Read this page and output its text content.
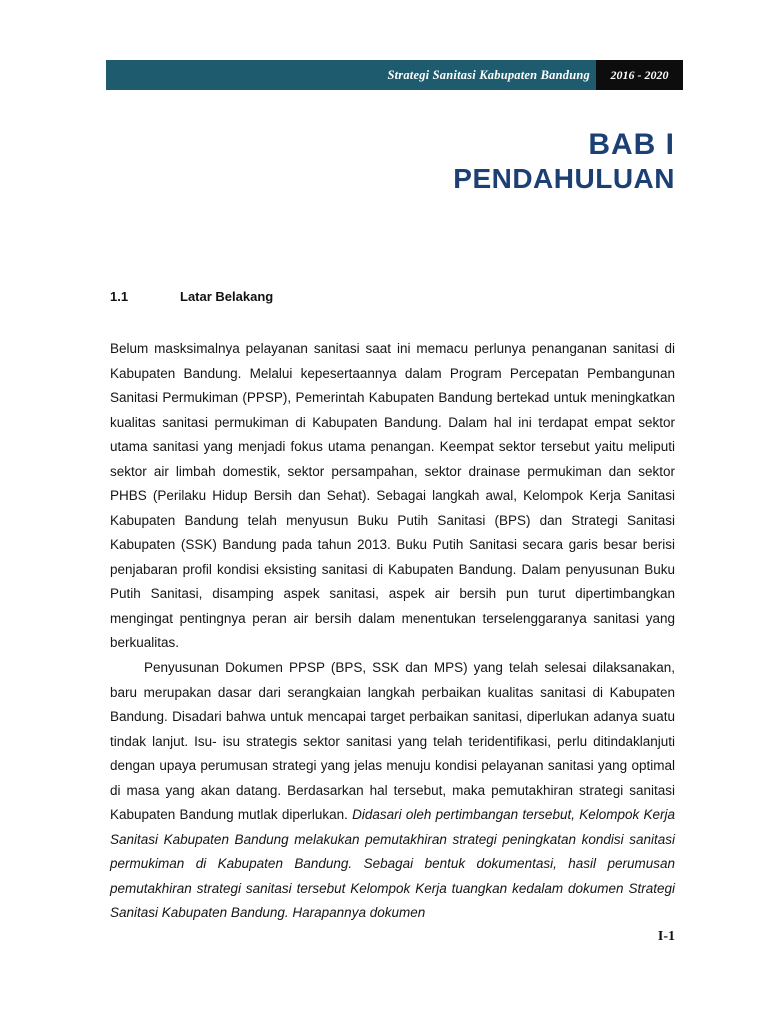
Strategi Sanitasi Kabupaten Bandung	2016 - 2020
BAB I
PENDAHULUAN
1.1	Latar Belakang

Belum masksimalnya pelayanan sanitasi saat ini memacu perlunya penanganan sanitasi di Kabupaten Bandung. Melalui kepesertaannya dalam Program Percepatan Pembangunan Sanitasi Permukiman (PPSP), Pemerintah Kabupaten Bandung bertekad untuk meningkatkan kualitas sanitasi permukiman di Kabupaten Bandung. Dalam hal ini terdapat empat sektor utama sanitasi yang menjadi fokus utama penangan. Keempat sektor tersebut yaitu meliputi sektor air limbah domestik, sektor persampahan, sektor drainase permukiman dan sektor PHBS (Perilaku Hidup Bersih dan Sehat). Sebagai langkah awal, Kelompok Kerja Sanitasi Kabupaten Bandung telah menyusun Buku Putih Sanitasi (BPS) dan Strategi Sanitasi Kabupaten (SSK) Bandung pada tahun 2013. Buku Putih Sanitasi secara garis besar berisi penjabaran profil kondisi eksisting sanitasi di Kabupaten Bandung. Dalam penyusunan Buku Putih Sanitasi, disamping aspek sanitasi, aspek air bersih pun turut dipertimbangkan mengingat pentingnya peran air bersih dalam menentukan terselenggaranya sanitasi yang berkualitas.

Penyusunan Dokumen PPSP (BPS, SSK dan MPS) yang telah selesai dilaksanakan, baru merupakan dasar dari serangkaian langkah perbaikan kualitas sanitasi di Kabupaten Bandung. Disadari bahwa untuk mencapai target perbaikan sanitasi, diperlukan adanya suatu tindak lanjut. Isu- isu strategis sektor sanitasi yang telah teridentifikasi, perlu ditindaklanjuti dengan upaya perumusan strategi yang jelas menuju kondisi pelayanan sanitasi yang optimal di masa yang akan datang. Berdasarkan hal tersebut, maka pemutakhiran strategi sanitasi Kabupaten Bandung mutlak diperlukan. Didasari oleh pertimbangan tersebut, Kelompok Kerja Sanitasi Kabupaten Bandung melakukan pemutakhiran strategi peningkatan kondisi sanitasi permukiman di Kabupaten Bandung. Sebagai bentuk dokumentasi, hasil perumusan pemutakhiran strategi sanitasi tersebut Kelompok Kerja tuangkan kedalam dokumen Strategi Sanitasi Kabupaten Bandung. Harapannya dokumen

I-1
